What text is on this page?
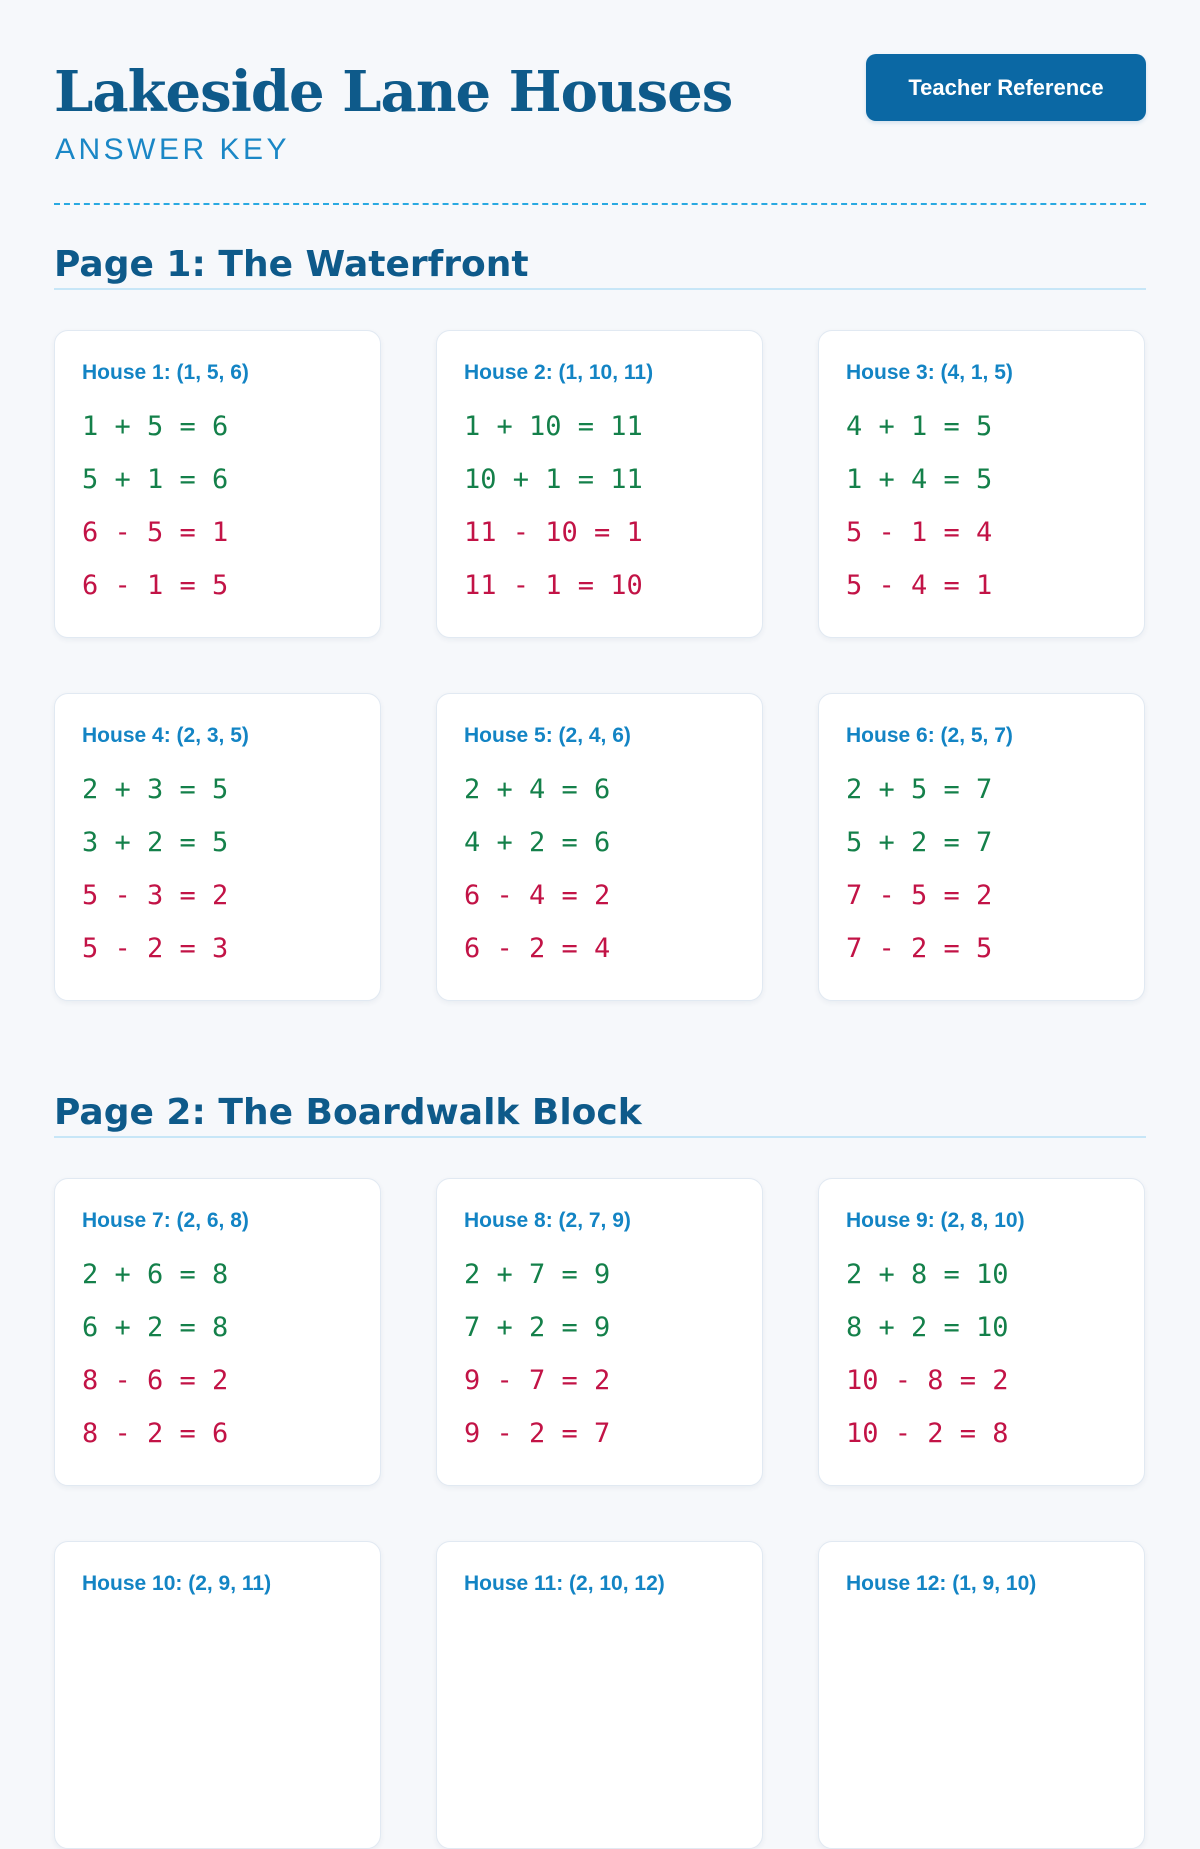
Lakeside Lane Houses
ANSWER KEY
Teacher Reference
Page 1: The Waterfront
House 1: (1, 5, 6)
1 + 5 = 6
5 + 1 = 6
6 - 5 = 1
6 - 1 = 5
House 2: (1, 10, 11)
1 + 10 = 11
10 + 1 = 11
11 - 10 = 1
11 - 1 = 10
House 3: (4, 1, 5)
4 + 1 = 5
1 + 4 = 5
5 - 1 = 4
5 - 4 = 1
House 4: (2, 3, 5)
2 + 3 = 5
3 + 2 = 5
5 - 3 = 2
5 - 2 = 3
House 5: (2, 4, 6)
2 + 4 = 6
4 + 2 = 6
6 - 4 = 2
6 - 2 = 4
House 6: (2, 5, 7)
2 + 5 = 7
5 + 2 = 7
7 - 5 = 2
7 - 2 = 5
Page 2: The Boardwalk Block
House 7: (2, 6, 8)
2 + 6 = 8
6 + 2 = 8
8 - 6 = 2
8 - 2 = 6
House 8: (2, 7, 9)
2 + 7 = 9
7 + 2 = 9
9 - 7 = 2
9 - 2 = 7
House 9: (2, 8, 10)
2 + 8 = 10
8 + 2 = 10
10 - 8 = 2
10 - 2 = 8
House 10: (2, 9, 11)	House 11: (2, 10, 12)	House 12: (1, 9, 10)
